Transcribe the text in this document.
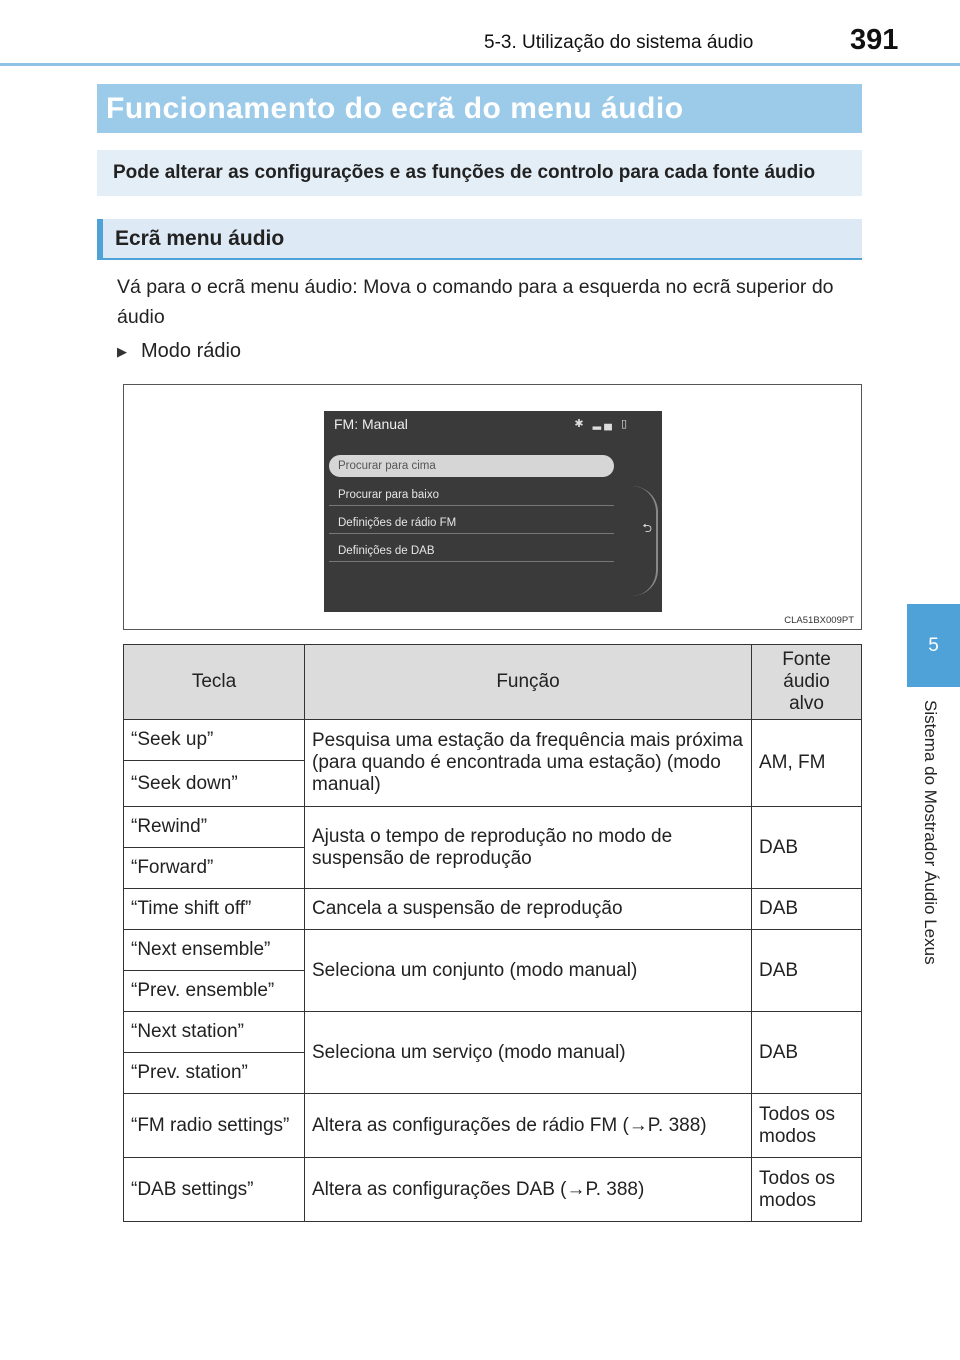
5-3. Utilização do sistema áudio	391
5
Sistema do Mostrador Áudio Lexus
Funcionamento do ecrã do menu áudio
Pode alterar as configurações e as funções de controlo para cada fonte áudio
Ecrã menu áudio
Vá para o ecrã menu áudio: Mova o comando para a esquerda no ecrã superior do áudio
▶ Modo rádio
FM: Manual	✱ ▂▄ ▯
Procurar para cima
Procurar para baixo
Definições de rádio FM
Definições de DAB
⮌
CLA51BX009PT
Tecla	Função	Fonte áudio alvo
“Seek up”	Pesquisa uma estação da frequência mais próxima (para quando é encontrada uma estação) (modo manual)	AM, FM
“Seek down”		
“Rewind”	Ajusta o tempo de reprodução no modo de suspensão de reprodução	DAB
“Forward”		
“Time shift off”	Cancela a suspensão de reprodução	DAB
“Next ensemble”	Seleciona um conjunto (modo manual)	DAB
“Prev. ensemble”		
“Next station”	Seleciona um serviço (modo manual)	DAB
“Prev. station”		
“FM radio settings”	Altera as configurações de rádio FM (→P. 388)	Todos os modos
“DAB settings”	Altera as configurações DAB (→P. 388)	Todos os modos
